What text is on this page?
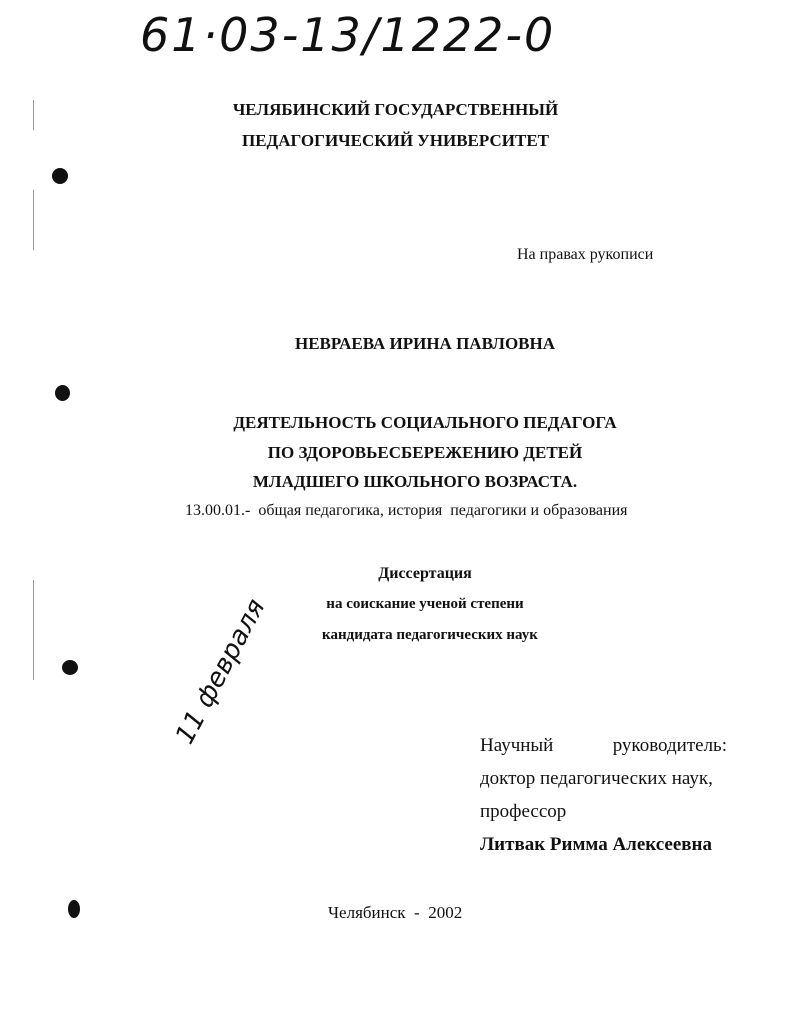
61·03-13/1222-0
ЧЕЛЯБИНСКИЙ ГОСУДАРСТВЕННЫЙ
ПЕДАГОГИЧЕСКИЙ УНИВЕРСИТЕТ
На правах рукописи
НЕВРАЕВА ИРИНА ПАВЛОВНА
ДЕЯТЕЛЬНОСТЬ СОЦИАЛЬНОГО ПЕДАГОГА
ПО ЗДОРОВЬЕСБЕРЕЖЕНИЮ ДЕТЕЙ
МЛАДШЕГО ШКОЛЬНОГО ВОЗРАСТА.
13.00.01.-  общая педагогика, история  педагогики и образования
Диссертация
на соискание ученой степени
кандидата педагогических наук
11 февраля	Научный	руководитель:
доктор педагогических наук,
профессор
Литвак Римма Алексеевна
Челябинск  -  2002
